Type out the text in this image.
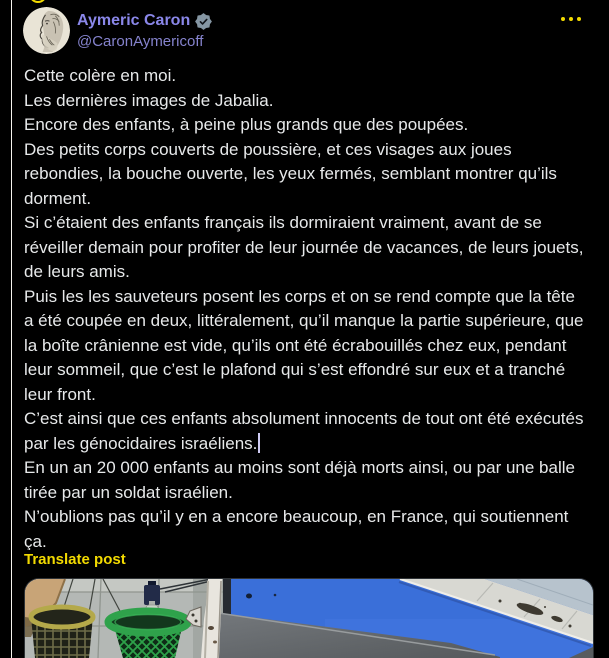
Aymeric Caron
@CaronAymericoff
Cette colère en moi.
Les dernières images de Jabalia.
Encore des enfants, à peine plus grands que des poupées.
Des petits corps couverts de poussière, et ces visages aux joues rebondies, la bouche ouverte, les yeux fermés, semblant montrer qu’ils dorment.
Si c’étaient des enfants français ils dormiraient vraiment, avant de se réveiller demain pour profiter de leur journée de vacances, de leurs jouets, de leurs amis.
Puis les les sauveteurs posent les corps et on se rend compte que la tête a été coupée en deux, littéralement, qu’il manque la partie supérieure, que la boîte crânienne est vide, qu’ils ont été écrabouillés chez eux, pendant leur sommeil, que c’est le plafond qui s’est effondré sur eux et a tranché leur front.
C’est ainsi que ces enfants absolument innocents de tout ont été exécutés par les génocidaires israéliens.
En un an 20 000 enfants au moins sont déjà morts ainsi, ou par une balle tirée par un soldat israélien.
N’oublions pas qu’il y en a encore beaucoup, en France, qui soutiennent ça.
Translate post
